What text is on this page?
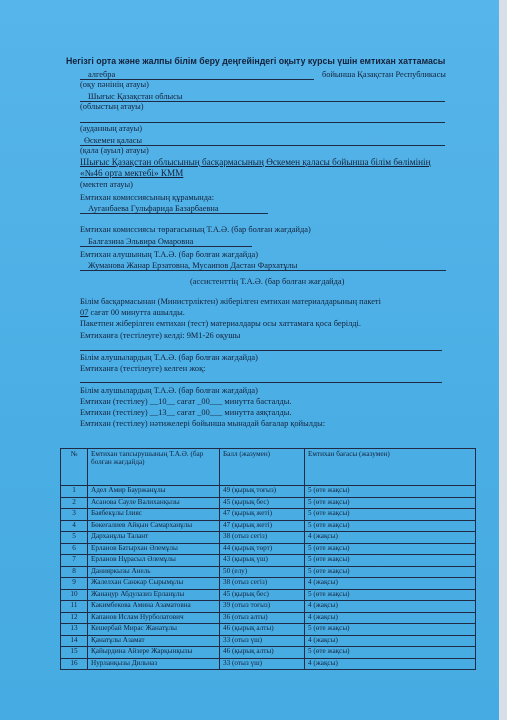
Негізгі орта және жалпы білім беру деңгейіндегі оқыту курсы үшін емтихан хаттамасы
алгебра	бойынша Қазақстан Республикасы
(оқу пәнінің атауы)
Шығыс Қазақстан облысы
(облыстың атауы)
(ауданның атауы)
Өскемен қаласы
(қала (ауыл) атауы)
Шығыс Қазақстан облысының басқармасының Өскемен қаласы бойынша білім бөлімінің
«№46 орта мектебі» КММ
(мектеп атауы)
Емтихан комиссиясының құрамында:
Ауганбаева Гульфарида Базарбаевна
Емтихан комиссиясы төрағасының Т.А.Ә. (бар болған жағдайда)
Балгазина Эльвира Омаровна
Емтихан алушының Т.А.Ә. (бар болған жағдайда)
Жуманова Жанар Ерзатовна, Мусаипов Дастан Фархатұлы
(ассистенттің Т.А.Ә. (бар болған жағдайда)
Білім басқармасынан (Министрліктен) жіберілген емтихан материалдарының пакеті
07 сағат 00 минутта ашылды.
Пакетпен жіберілген емтихан (тест) материалдары осы хаттамаға қоса берілді.
Емтиханға (тестілеуге) келді: 9М1-26 оқушы
Білім алушылардың Т.А.Ә. (бар болған жағдайда)
Емтиханға (тестілеуге) келген жоқ:
Білім алушылардың Т.А.Ә. (бар болған жағдайда)
Емтихан (тестілеу) __10__ сағат _00___ минутта басталды.
Емтихан (тестілеу) __13__ сағат _00___ минутта аяқталды.
Емтихан (тестілеу) нәтижелері бойынша мынадай бағалар қойылды:
№	Емтихан тапсырушының Т.А.Ә. (бар болған жағдайда)	Балл (жазумен)	Емтихан бағасы (жазумен)
1	Адел Амир Бауржанұлы	49 (қырық тоғыз)	5 (өте жақсы)
2	Асанова Сауле Валиханқызы	45 (қырық бес)	5 (өте жақсы)
3	Баябекұлы Ілияс	47 (қырық жеті)	5 (өте жақсы)
4	Бөкеғалиев Айқын Самарханұлы	47 (қырық жеті)	5 (өте жақсы)
5	Дарханұлы Талант	38 (отыз сегіз)	4 (жақсы)
6	Ерланов Батырхан Әлемұлы	44 (қырық төрт)	5 (өте жақсы)
7	Ерланов Нұрасыл Әлемұлы	43 (қырық үш)	5 (өте жақсы)
8	Данияркызы Анель	50 (елу)	5 (өте жақсы)
9	Жалелхан Санжар Сырымұлы	38 (отыз сегіз)	4 (жақсы)
10	Жанаңур Абдулазиз Ерланұлы	45 (қырық бес)	5 (өте жақсы)
11	Какимбекова Амина Азаматовна	39 (отыз тоғыз)	4 (жақсы)
12	Капанов Ислам Нурболатович	36 (отыз алты)	4 (жақсы)
13	Кешербай Мирас Жанатұлы	46 (қырық алты)	5 (өте жақсы)
14	Қанатұлы Азамат	33 (отыз үш)	4 (жақсы)
15	Қайырдина Айзере Жарқынқызы	46 (қырық алты)	5 (өте жақсы)
16	Нурланқызы Дильназ	33 (отыз үш)	4 (жақсы)
